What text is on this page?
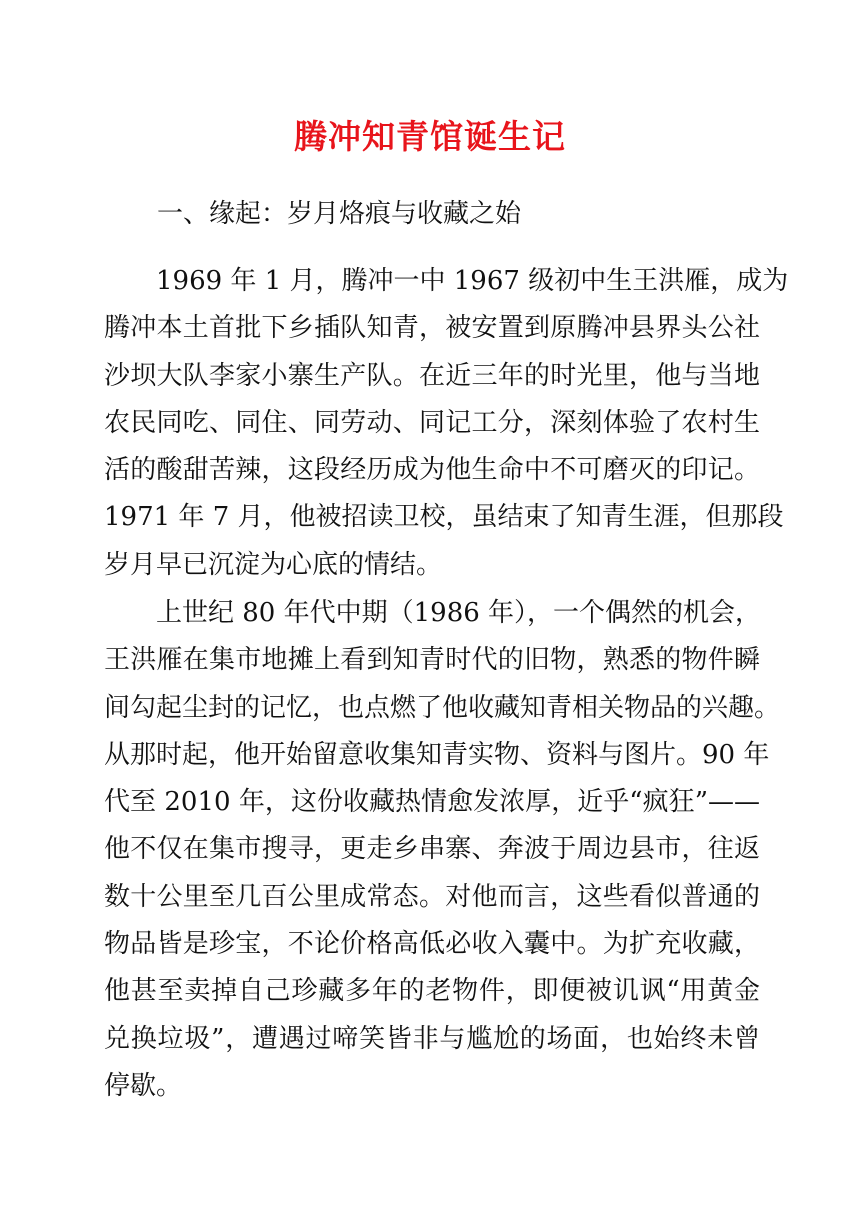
腾冲知青馆诞生记

一、缘起：岁月烙痕与收藏之始

1969 年 1 月，腾冲一中 1967 级初中生王洪雁，成为
腾冲本土首批下乡插队知青，被安置到原腾冲县界头公社
沙坝大队李家小寨生产队。在近三年的时光里，他与当地
农民同吃、同住、同劳动、同记工分，深刻体验了农村生
活的酸甜苦辣，这段经历成为他生命中不可磨灭的印记。
1971 年 7 月，他被招读卫校，虽结束了知青生涯，但那段
岁月早已沉淀为心底的情结。

上世纪 80 年代中期（1986 年），一个偶然的机会，
王洪雁在集市地摊上看到知青时代的旧物，熟悉的物件瞬
间勾起尘封的记忆，也点燃了他收藏知青相关物品的兴趣。
从那时起，他开始留意收集知青实物、资料与图片。90 年
代至 2010 年，这份收藏热情愈发浓厚，近乎“疯狂”——
他不仅在集市搜寻，更走乡串寨、奔波于周边县市，往返
数十公里至几百公里成常态。对他而言，这些看似普通的
物品皆是珍宝，不论价格高低必收入囊中。为扩充收藏，
他甚至卖掉自己珍藏多年的老物件，即便被讥讽“用黄金
兑换垃圾”，遭遇过啼笑皆非与尴尬的场面，也始终未曾
停歇。
